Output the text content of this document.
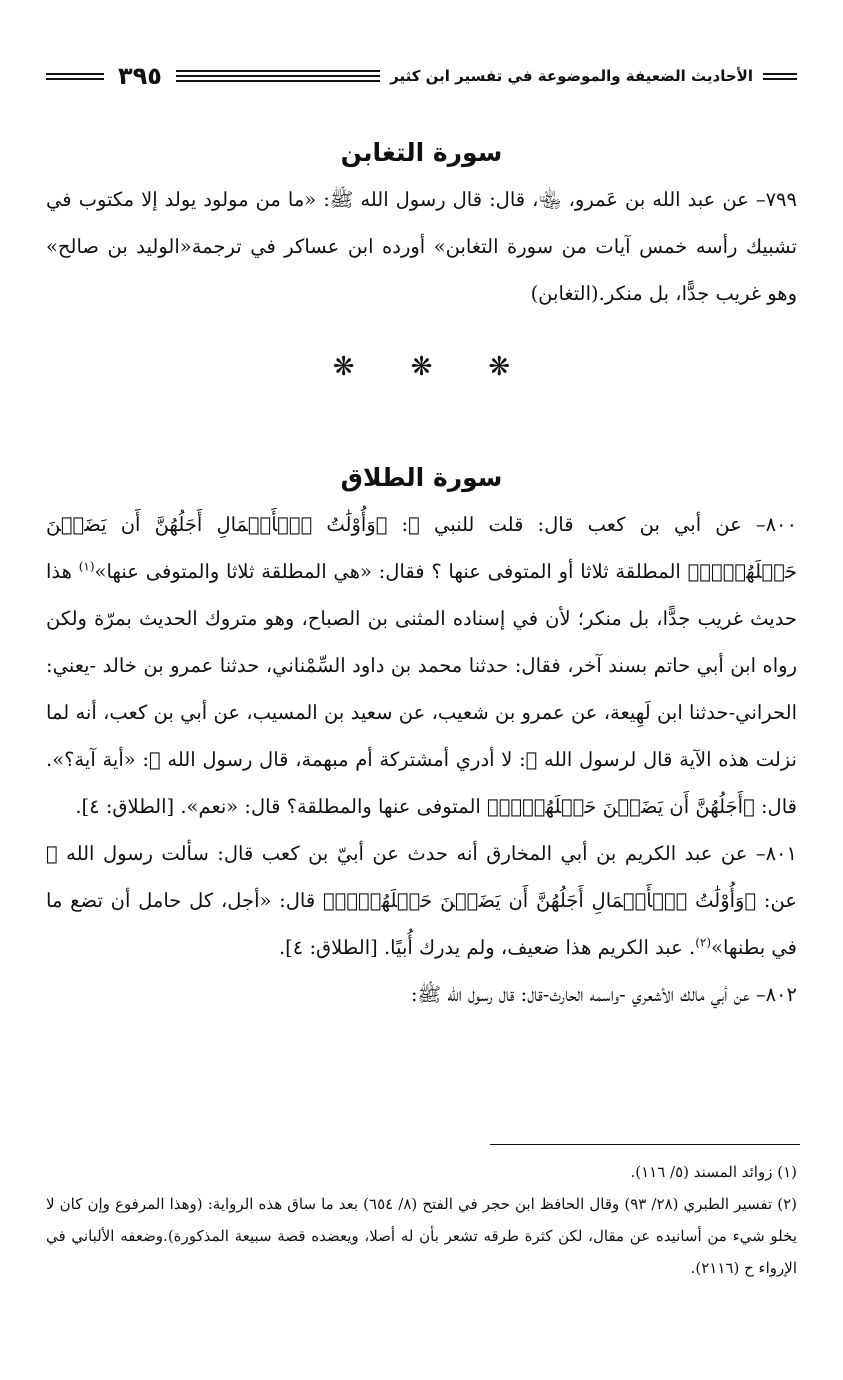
الأحاديث الضعيفة والموضوعة في تفسير ابن كثير
٣٩٥
سورة التغابن

٧٩٩– عن عبد الله بن عَمرو، ﵄، قال: قال رسول الله ﷺ: «ما من مولود يولد إلا مكتوب في تشبيك رأسه خمس آيات من سورة التغابن» أورده ابن عساكر في ترجمة«الوليد بن صالح» وهو غريب جدًّا، بل منكر.(التغابن)

❋❋❋
سورة الطلاق

٨٠٠– عن أبي بن كعب قال: قلت للنبي ﷺ: ﴿وَأُوْلَٰتُ ٱلۡأَحۡمَالِ أَجَلُهُنَّ أَن يَضَعۡنَ حَمۡلَهُنَّۚ﴾ المطلقة ثلاثا أو المتوفى عنها ؟ فقال: «هي المطلقة ثلاثا والمتوفى عنها»$^{(١)}$ هذا حديث غريب جدًّا، بل منكر؛ لأن في إسناده المثنى بن الصباح، وهو متروك الحديث بمرّة ولكن رواه ابن أبي حاتم بسند آخر، فقال: حدثنا محمد بن داود السِّمْناني، حدثنا عمرو بن خالد -يعني: الحراني-حدثنا ابن لَهِيعة، عن عمرو بن شعيب، عن سعيد بن المسيب، عن أبي بن كعب، أنه لما نزلت هذه الآية قال لرسول الله ﷺ: لا أدري أمشتركة أم مبهمة، قال رسول الله ﷺ: «أية آية؟». قال: ﴿أَجَلُهُنَّ أَن يَضَعۡنَ حَمۡلَهُنَّۚ﴾ المتوفى عنها والمطلقة؟ قال: «نعم». [الطلاق: ٤].

٨٠١– عن عبد الكريم بن أبي المخارق أنه حدث عن أبيّ بن كعب قال: سألت رسول الله ﷺ عن: ﴿وَأُوْلَٰتُ ٱلۡأَحۡمَالِ أَجَلُهُنَّ أَن يَضَعۡنَ حَمۡلَهُنَّۚ﴾ قال: «أجل، كل حامل أن تضع ما في بطنها»$^{(٢)}$. عبد الكريم هذا ضعيف، ولم يدرك أُبيًا. [الطلاق: ٤].

٨٠٢– عن أبي مالك الأشعري -واسمه الحارث-قال: قال رسول الله ﷺ:

(١) زوائد المسند (٥/ ١١٦).

(٢) تفسير الطبري (٢٨/ ٩٣) وقال الحافظ ابن حجر في الفتح (٨/ ٦٥٤) بعد ما ساق هذه الرواية: (وهذا المرفوع وإن كان لا يخلو شيء من أسانيده عن مقال، لكن كثرة طرقه تشعر بأن له أصلا، ويعضده قصة سبيعة المذكورة).وضعفه الألباني في الإرواء ح (٢١١٦).
